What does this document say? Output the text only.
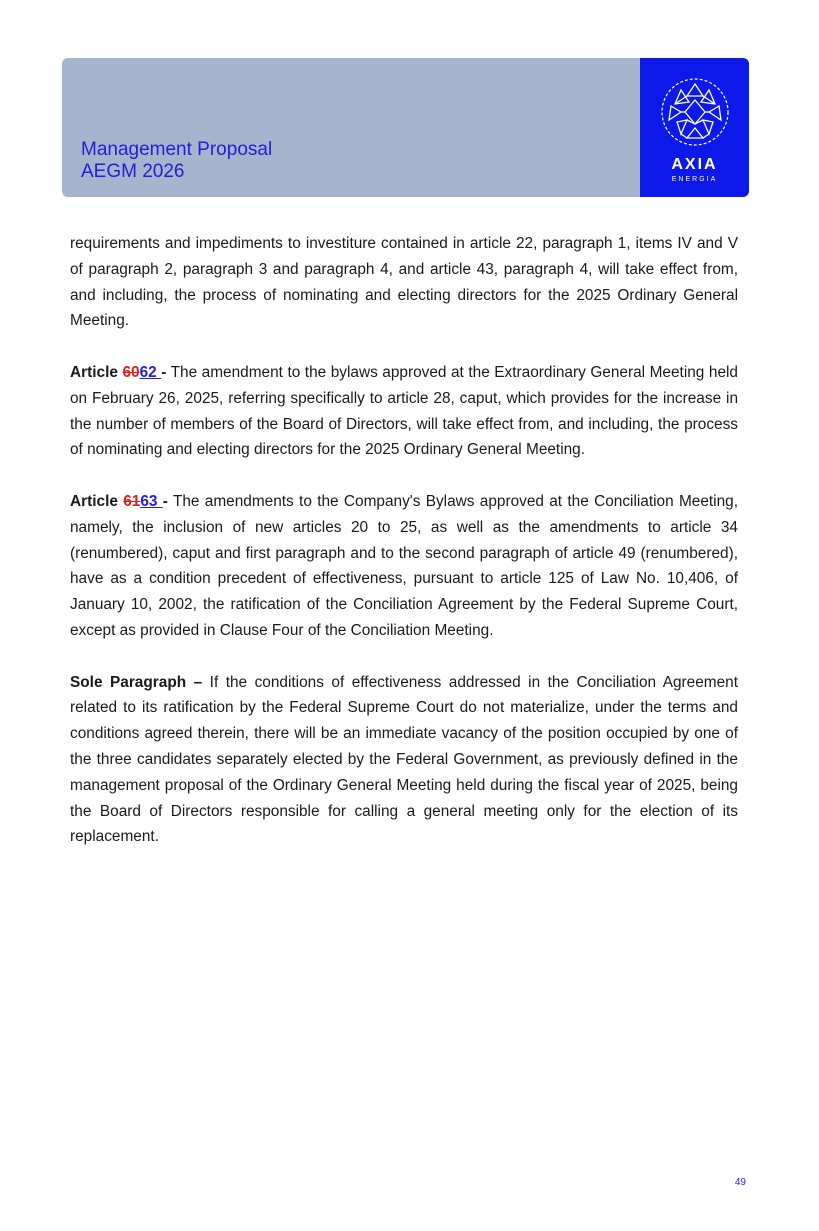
Management Proposal
AEGM 2026	AXIA
ENERGIA

requirements and impediments to investiture contained in article 22, paragraph 1, items IV and V of paragraph 2, paragraph 3 and paragraph 4, and article 43, paragraph 4, will take effect from, and including, the process of nominating and electing directors for the 2025 Ordinary General Meeting.

Article 6062 - The amendment to the bylaws approved at the Extraordinary General Meeting held on February 26, 2025, referring specifically to article 28, caput, which provides for the increase in the number of members of the Board of Directors, will take effect from, and including, the process of nominating and electing directors for the 2025 Ordinary General Meeting.

Article 6163 - The amendments to the Company's Bylaws approved at the Conciliation Meeting, namely, the inclusion of new articles 20 to 25, as well as the amendments to article 34 (renumbered), caput and first paragraph and to the second paragraph of article 49 (renumbered), have as a condition precedent of effectiveness, pursuant to article 125 of Law No. 10,406, of January 10, 2002, the ratification of the Conciliation Agreement by the Federal Supreme Court, except as provided in Clause Four of the Conciliation Meeting.

Sole Paragraph – If the conditions of effectiveness addressed in the Conciliation Agreement related to its ratification by the Federal Supreme Court do not materialize, under the terms and conditions agreed therein, there will be an immediate vacancy of the position occupied by one of the three candidates separately elected by the Federal Government, as previously defined in the management proposal of the Ordinary General Meeting held during the fiscal year of 2025, being the Board of Directors responsible for calling a general meeting only for the election of its replacement.

49
